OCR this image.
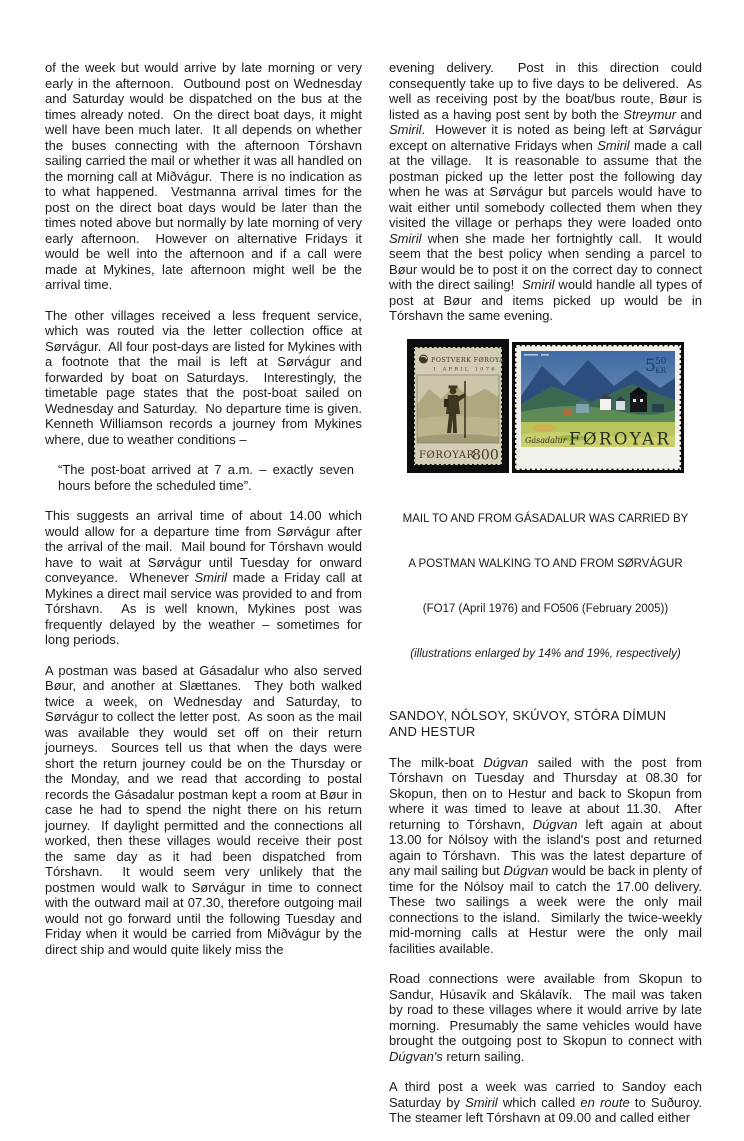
of the week but would arrive by late morning or very early in the afternoon.  Outbound post on Wednesday and Saturday would be dispatched on the bus at the times already noted.  On the direct boat days, it might well have been much later.  It all depends on whether the buses connecting with the afternoon Tórshavn sailing carried the mail or whether it was all handled on the morning call at Miðvágur.  There is no indication as to what happened.  Vestmanna arrival times for the post on the direct boat days would be later than the times noted above but normally by late morning of very early afternoon.  However on alternative Fridays it would be well into the afternoon and if a call were made at Mykines, late afternoon might well be the arrival time.

The other villages received a less frequent service, which was routed via the letter collection office at Sørvágur.  All four post-days are listed for Mykines with a footnote that the mail is left at Sørvágur and forwarded by boat on Saturdays.  Interestingly, the timetable page states that the post-boat sailed on Wednesday and Saturday.  No departure time is given.  Kenneth Williamson records a journey from Mykines where, due to weather conditions –

“The post-boat arrived at 7 a.m. – exactly seven hours before the scheduled time”.

This suggests an arrival time of about 14.00 which would allow for a departure time from Sørvágur after the arrival of the mail.  Mail bound for Tórshavn would have to wait at Sørvágur until Tuesday for onward conveyance.  Whenever Smiril made a Friday call at Mykines a direct mail service was provided to and from Tórshavn.  As is well known, Mykines post was frequently delayed by the weather – sometimes for long periods.

A postman was based at Gásadalur who also served Bøur, and another at Slættanes.  They both walked twice a week, on Wednesday and Saturday, to Sørvágur to collect the letter post.  As soon as the mail was available they would set off on their return journeys.  Sources tell us that when the days were short the return journey could be on the Thursday or the Monday, and we read that according to postal records the Gásadalur postman kept a room at Bøur in case he had to spend the night there on his return journey.  If daylight permitted and the connections all worked, then these villages would receive their post the same day as it had been dispatched from Tórshavn.  It would seem very unlikely that the postmen would walk to Sørvágur in time to connect with the outward mail at 07.30, therefore outgoing mail would not go forward until the following Tuesday and Friday when it would be carried from Miðvágur by the direct ship and would quite likely miss the

evening delivery.  Post in this direction could consequently take up to five days to be delivered.  As well as receiving post by the boat/bus route, Bøur is listed as a having post sent by both the Streymur and Smiril.  However it is noted as being left at Sørvágur except on alternative Fridays when Smiril made a call at the village.  It is reasonable to assume that the postman picked up the letter post the following day when he was at Sørvágur but parcels would have to wait either until somebody collected them when they visited the village or perhaps they were loaded onto Smiril when she made her fortnightly call.  It would seem that the best policy when sending a parcel to Bøur would be to post it on the correct day to connect with the direct sailing!  Smiril would handle all types of post at Bøur and items picked up would be in Tórshavn the same evening.

POSTVERK FØROYA
1 APRIL 1976
FØROYAR
800
5 50
KR
Gásadalur FØROYAR

MAIL TO AND FROM GÁSADALUR WAS CARRIED BY

A POSTMAN WALKING TO AND FROM SØRVÁGUR

(FO17 (April 1976) and FO506 (February 2005))

(illustrations enlarged by 14% and 19%, respectively)

SANDOY, NÓLSOY, SKÚVOY, STÓRA DÍMUN
AND HESTUR

The milk-boat Dúgvan sailed with the post from Tórshavn on Tuesday and Thursday at 08.30 for Skopun, then on to Hestur and back to Skopun from where it was timed to leave at about 11.30.  After returning to Tórshavn, Dúgvan left again at about 13.00 for Nólsoy with the island's post and returned again to Tórshavn.  This was the latest departure of any mail sailing but Dúgvan would be back in plenty of time for the Nólsoy mail to catch the 17.00 delivery.  These two sailings a week were the only mail connections to the island.  Similarly the twice-weekly mid-morning calls at Hestur were the only mail facilities available.

Road connections were available from Skopun to Sandur, Húsavík and Skálavík.  The mail was taken by road to these villages where it would arrive by late morning.  Presumably the same vehicles would have brought the outgoing post to Skopun to connect with Dúgvan's return sailing.

A third post a week was carried to Sandoy each Saturday by Smiril which called en route to Suðuroy.  The steamer left Tórshavn at 09.00 and called either
